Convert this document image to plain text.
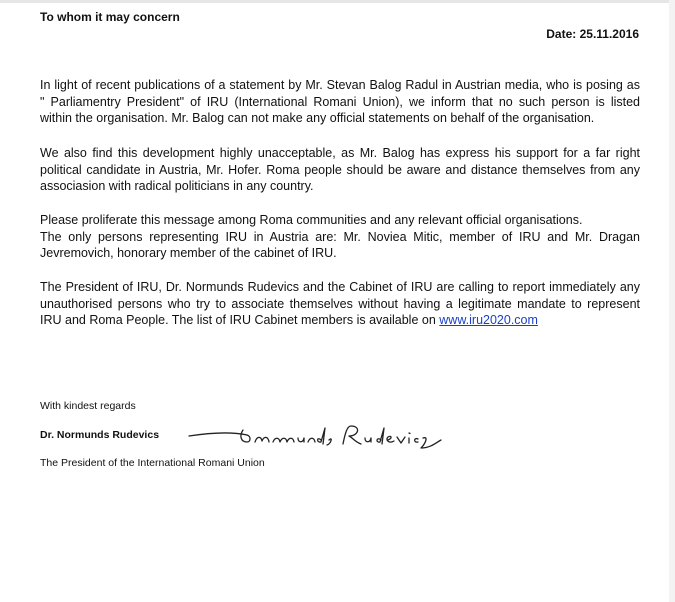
To whom it may concern
Date: 25.11.2016

In light of recent publications of a statement by Mr. Stevan Balog Radul in Austrian media, who is posing as
" Parliamentry President" of IRU (International Romani Union), we inform that no such person is listed
within the organisation. Mr. Balog can not make any official statements on behalf of the organisation.

We also find this development highly unacceptable, as Mr. Balog has express his support for a far right
political candidate in Austria, Mr. Hofer. Roma people should be aware and distance themselves from any
associasion with radical politicians in any country.

Please proliferate this message among Roma communities and any relevant official organisations.
The only persons representing IRU in Austria are: Mr. Noviea Mitic, member of IRU and Mr. Dragan
Jevremovich, honorary member of the cabinet of IRU.

The President of IRU, Dr. Normunds Rudevics and the Cabinet of IRU are calling to report immediately any
unauthorised persons who try to associate themselves without having a legitimate mandate to represent
IRU and Roma People. The list of IRU Cabinet members is available on www.iru2020.com

With kindest regards
Dr. Normunds Rudevics
The President of the International Romani Union
